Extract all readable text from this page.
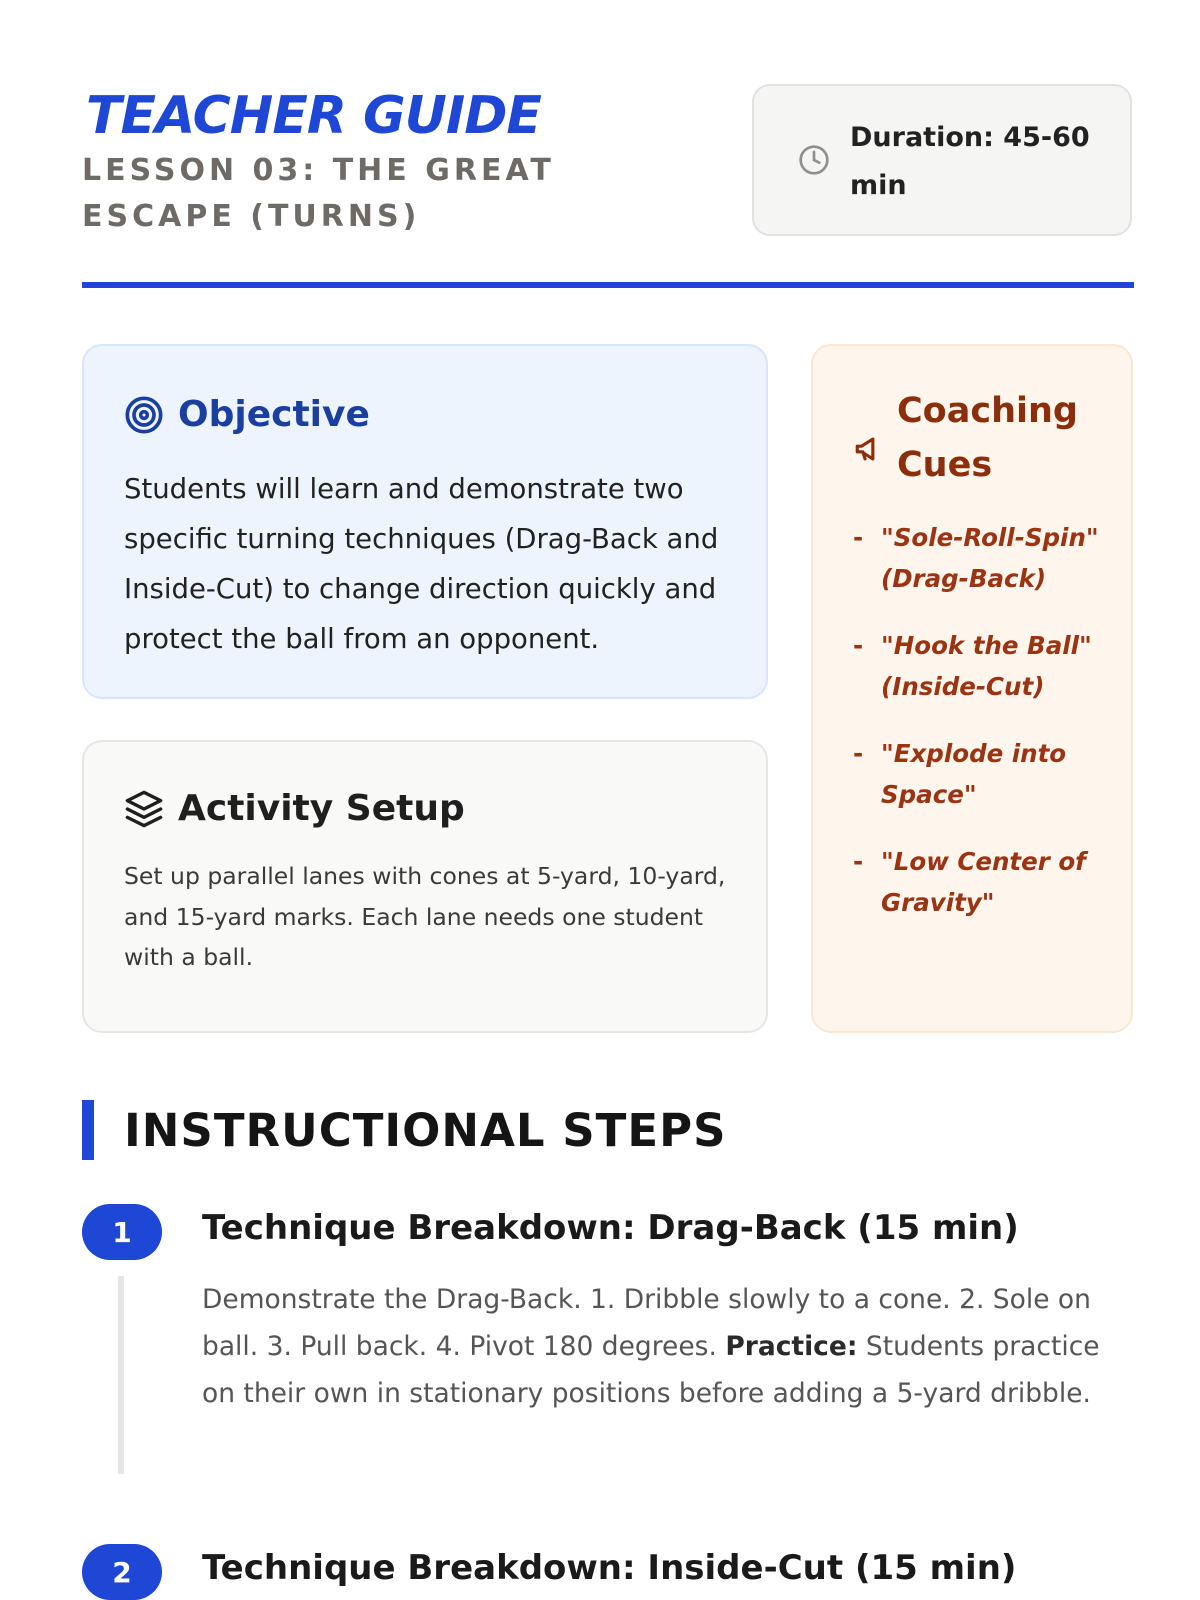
TEACHER GUIDE
LESSON 03: THE GREAT ESCAPE (TURNS)
Duration: 45-60 min
Objective
Students will learn and demonstrate two specific turning techniques (Drag-Back and Inside-Cut) to change direction quickly and protect the ball from an opponent.
Activity Setup
Set up parallel lanes with cones at 5-yard, 10-yard, and 15-yard marks. Each lane needs one student with a ball.
Coaching Cues
- "Sole-Roll-Spin" (Drag-Back)
- "Hook the Ball" (Inside-Cut)
- "Explode into Space"
- "Low Center of Gravity"
INSTRUCTIONAL STEPS
1	Technique Breakdown: Drag-Back (15 min)
Demonstrate the Drag-Back. 1. Dribble slowly to a cone. 2. Sole on ball. 3. Pull back. 4. Pivot 180 degrees. Practice: Students practice on their own in stationary positions before adding a 5-yard dribble.
2	Technique Breakdown: Inside-Cut (15 min)
